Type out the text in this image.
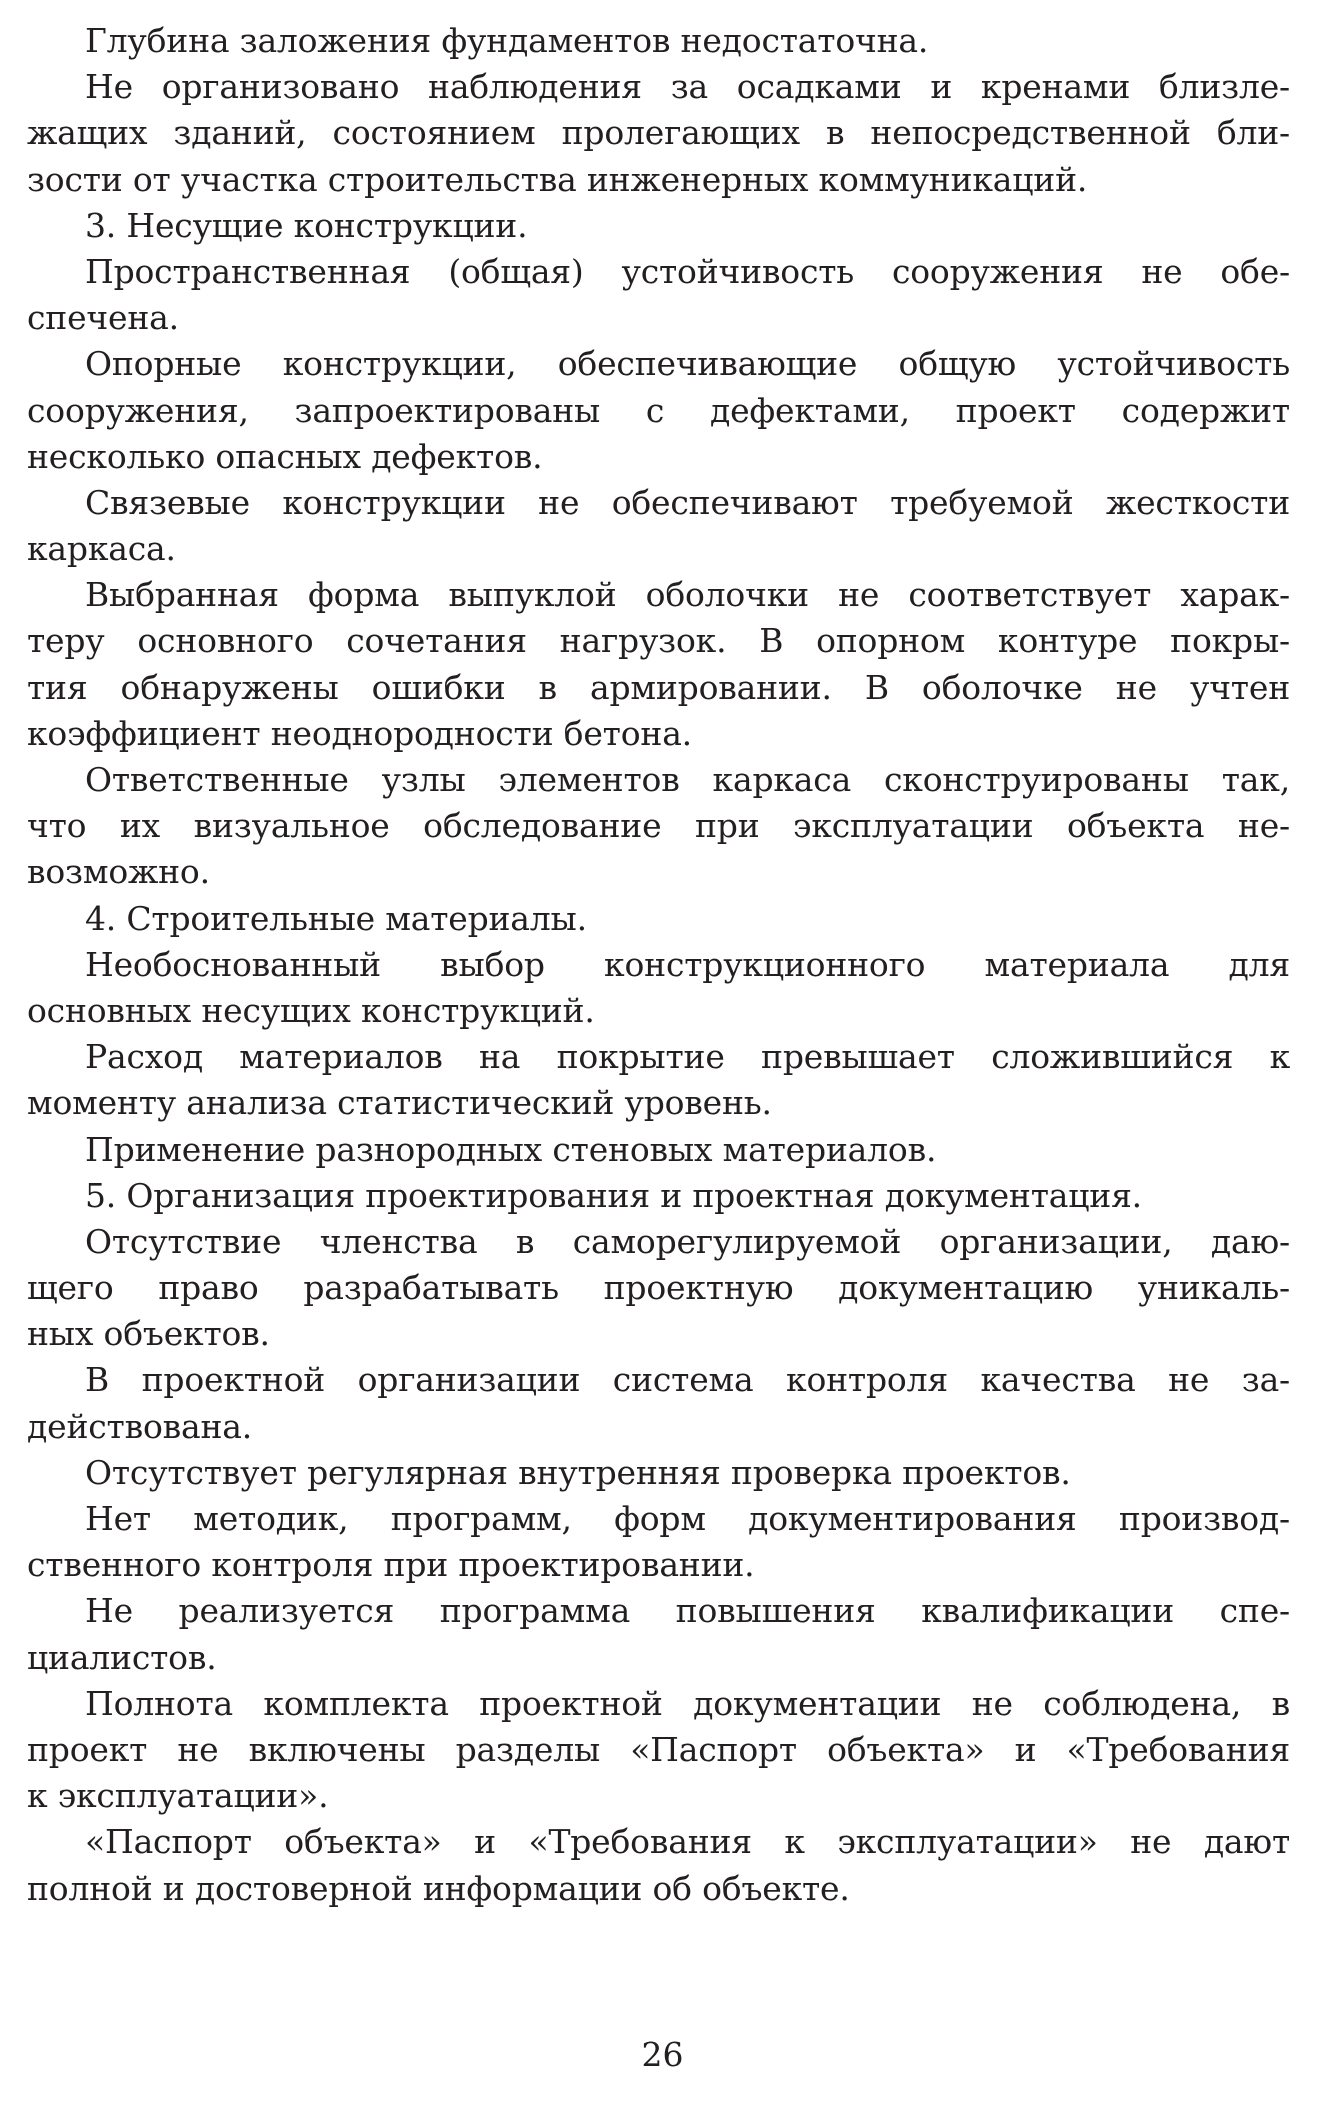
Глубина заложения фундаментов недостаточна.
Не организовано наблюдения за осадками и кренами близле-
жащих зданий, состоянием пролегающих в непосредственной бли-
зости от участка строительства инженерных коммуникаций.
3. Несущие конструкции.
Пространственная (общая) устойчивость сооружения не обе-
спечена.
Опорные конструкции, обеспечивающие общую устойчивость
сооружения, запроектированы с дефектами, проект содержит
несколько опасных дефектов.
Связевые конструкции не обеспечивают требуемой жесткости
каркаса.
Выбранная форма выпуклой оболочки не соответствует харак-
теру основного сочетания нагрузок. В опорном контуре покры-
тия обнаружены ошибки в армировании. В оболочке не учтен
коэффициент неоднородности бетона.
Ответственные узлы элементов каркаса сконструированы так,
что их визуальное обследование при эксплуатации объекта не-
возможно.
4. Строительные материалы.
Необоснованный выбор конструкционного материала для
основных несущих конструкций.
Расход материалов на покрытие превышает сложившийся к
моменту анализа статистический уровень.
Применение разнородных стеновых материалов.
5. Организация проектирования и проектная документация.
Отсутствие членства в саморегулируемой организации, даю-
щего право разрабатывать проектную документацию уникаль-
ных объектов.
В проектной организации система контроля качества не за-
действована.
Отсутствует регулярная внутренняя проверка проектов.
Нет методик, программ, форм документирования производ-
ственного контроля при проектировании.
Не реализуется программа повышения квалификации спе-
циалистов.
Полнота комплекта проектной документации не соблюдена, в
проект не включены разделы «Паспорт объекта» и «Требования
к эксплуатации».
«Паспорт объекта» и «Требования к эксплуатации» не дают
полной и достоверной информации об объекте.
26
